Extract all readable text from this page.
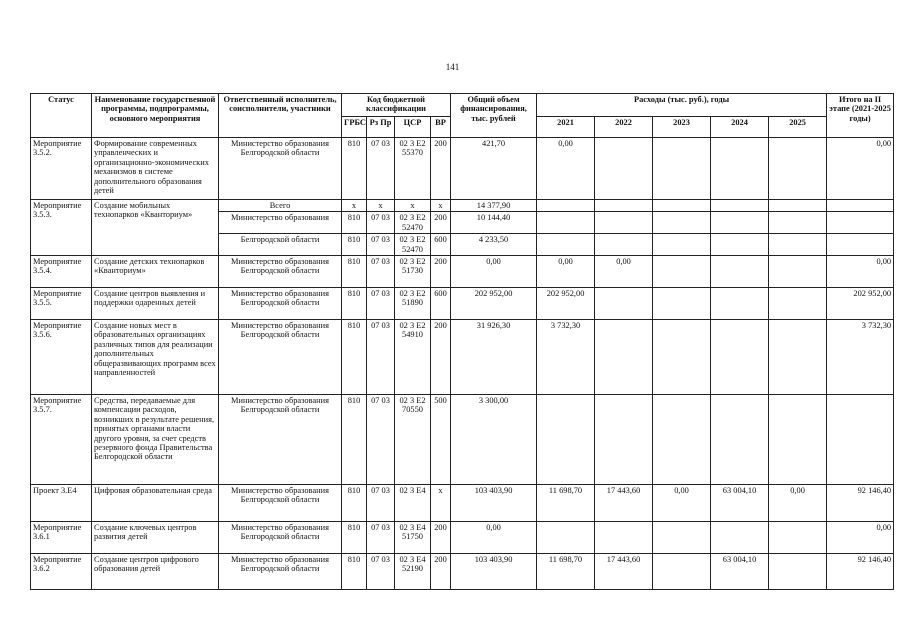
141
Статус	Наименование государственной программы, подпрограммы, основного мероприятия	Ответственный исполнитель, соисполнители, участники	Код бюджетной классификации				Общий объем финансирования, тыс. рублей	Расходы (тыс. руб.), годы					Итого на II этапе (2021-2025 годы)
			ГРБС	Рз Пр	ЦСР	ВР		2021	2022	2023	2024	2025	
Мероприятие 3.5.2.	Формирование современных управленческих и организационно-экономических механизмов в системе дополнительного образования детей	Министерство образования Белгородской области	810	07 03	02 3 Е2 55370	200	421,70	0,00					0,00
Мероприятие 3.5.3.	Создание мобильных технопарков «Кванториум»	Всего	х	х	х	х	14 377,90						
		Министерство образования	810	07 03	02 3 Е2 52470	200	10 144,40						
		Белгородской области	810	07 03	02 3 Е2 52470	600	4 233,50						
Мероприятие 3.5.4.	Создание детских технопарков «Кванториум»	Министерство образования Белгородской области	810	07 03	02 3 Е2 51730	200	0,00	0,00	0,00				0,00
Мероприятие 3.5.5.	Создание центров выявления и поддержки одаренных детей	Министерство образования Белгородской области	810	07 03	02 3 Е2 51890	600	202 952,00	202 952,00					202 952,00
Мероприятие 3.5.6.	Создание новых мест в образовательных организациях различных типов для реализации дополнительных общеразвивающих программ всех направленностей	Министерство образования Белгородской области	810	07 03	02 3 Е2 54910	200	31 926,30	3 732,30					3 732,30
Мероприятие 3.5.7.	Средства, передаваемые для компенсации расходов, возникших в результате решения, принятых органами власти другого уровня, за счет средств резервного фонда Правительства Белгородской области	Министерство образования Белгородской области	810	07 03	02 3 Е2 70550	500	3 300,00						
Проект 3.Е4	Цифровая образовательная среда	Министерство образования Белгородской области	810	07 03	02 3 Е4	х	103 403,90	11 698,70	17 443,60	0,00	63 004,10	0,00	92 146,40
Мероприятие 3.6.1	Создание ключевых центров развития детей	Министерство образования Белгородской области	810	07 03	02 3 Е4 51750	200	0,00						0,00
Мероприятие 3.6.2	Создание центров цифрового образования детей	Министерство образования Белгородской области	810	07 03	02 3 Е4 52190	200	103 403,90	11 698,70	17 443,60		63 004,10		92 146,40
